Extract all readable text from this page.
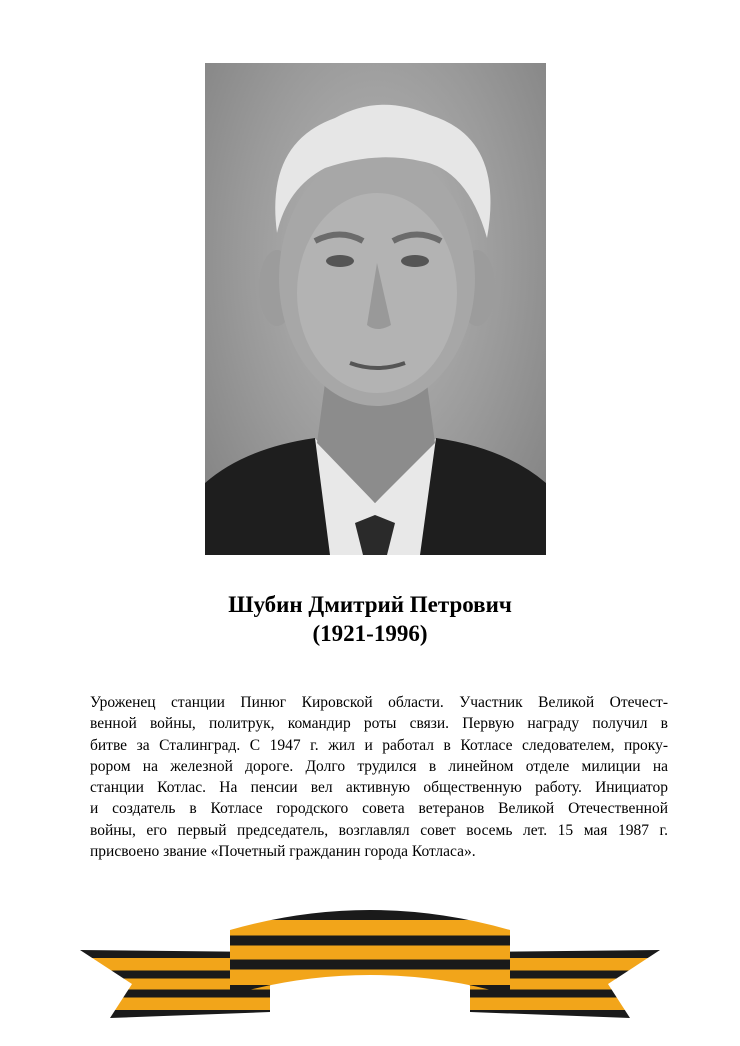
Шубин Дмитрий Петрович
(1921-1996)
Уроженец станции Пинюг Кировской области. Участник Великой Отечест-
венной войны, политрук, командир роты связи. Первую награду получил в
битве за Сталинград. С 1947 г. жил и работал в Котласе следователем, проку-
рором на железной дороге. Долго трудился в линейном отделе милиции на
станции Котлас. На пенсии вел активную общественную работу. Инициатор
и создатель в Котласе городского совета ветеранов Великой Отечественной
войны, его первый председатель, возглавлял совет восемь лет. 15 мая 1987 г.
присвоено звание «Почетный гражданин города Котласа».
